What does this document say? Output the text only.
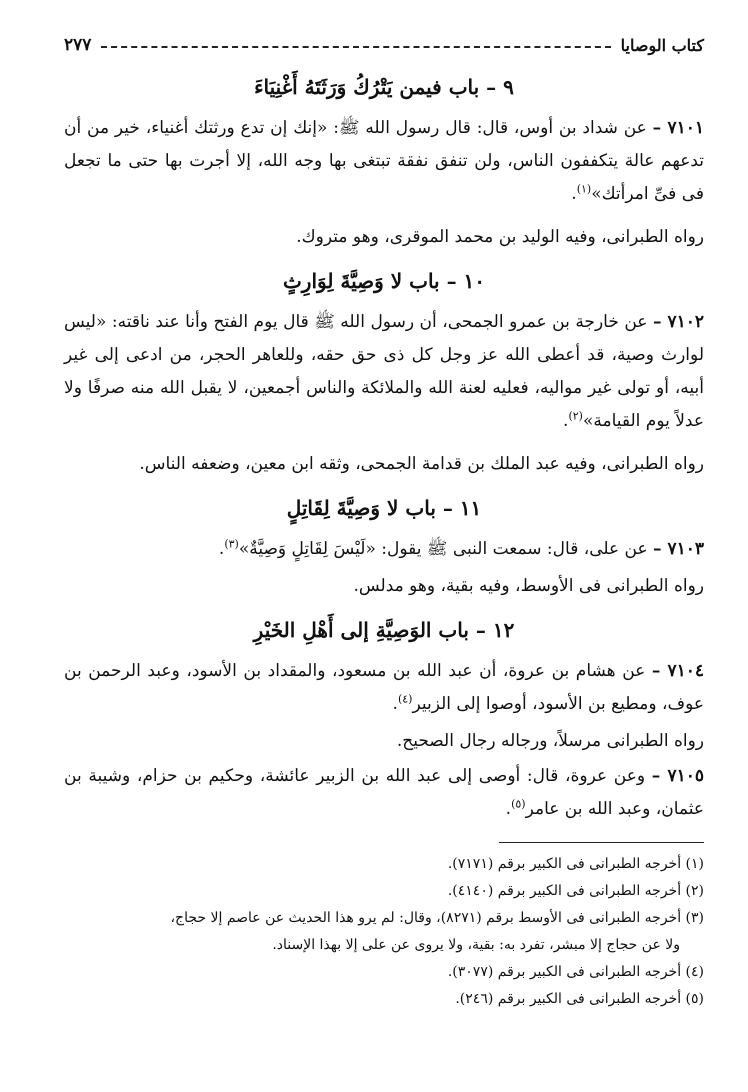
كتاب الوصايا
٢٧٧
٩ – باب فيمن يَتْرُكُ وَرَثَتَهُ أَغْنِيَاءَ

٧١٠١ – عن شداد بن أوس، قال: قال رسول الله ﷺ: «إنك إن تدع ورثتك أغنياء، خير من أن تدعهم عالة يتكففون الناس، ولن تنفق نفقة تبتغى بها وجه الله، إلا أجرت بها حتى ما تجعل فى فىِّ امرأتك»$^{(١)}$.

رواه الطبرانى، وفيه الوليد بن محمد الموقرى، وهو متروك.

١٠ – باب لا وَصِيَّةَ لِوَارِثٍ

٧١٠٢ – عن خارجة بن عمرو الجمحى، أن رسول الله ﷺ قال يوم الفتح وأنا عند ناقته: «ليس لوارث وصية، قد أعطى الله عز وجل كل ذى حق حقه، وللعاهر الحجر، من ادعى إلى غير أبيه، أو تولى غير مواليه، فعليه لعنة الله والملائكة والناس أجمعين، لا يقبل الله منه صرفًا ولا عدلاً يوم القيامة»$^{(٢)}$.

رواه الطبرانى، وفيه عبد الملك بن قدامة الجمحى، وثقه ابن معين، وضعفه الناس.

١١ – باب لا وَصِيَّةَ لِقَاتِلٍ

٧١٠٣ – عن على، قال: سمعت النبى ﷺ يقول: «لَيْسَ لِقَاتِلٍ وَصِيَّةٌ»$^{(٣)}$.

رواه الطبرانى فى الأوسط، وفيه بقية، وهو مدلس.

١٢ – باب الوَصِيَّةِ إلى أَهْلِ الخَيْرِ

٧١٠٤ – عن هشام بن عروة، أن عبد الله بن مسعود، والمقداد بن الأسود، وعبد الرحمن بن عوف، ومطيع بن الأسود، أوصوا إلى الزبير$^{(٤)}$.

رواه الطبرانى مرسلاً، ورجاله رجال الصحيح.

٧١٠٥ – وعن عروة، قال: أوصى إلى عبد الله بن الزبير عائشة، وحكيم بن حزام، وشيبة بن عثمان، وعبد الله بن عامر$^{(٥)}$.

(١) أخرجه الطبرانى فى الكبير برقم (٧١٧١).

(٢) أخرجه الطبرانى فى الكبير برقم (٤١٤٠).

(٣) أخرجه الطبرانى فى الأوسط برقم (٨٢٧١)، وقال: لم يرو هذا الحديث عن عاصم إلا حجاج،

ولا عن حجاج إلا مبشر، تفرد به: بقية، ولا يروى عن على إلا بهذا الإسناد.

(٤) أخرجه الطبرانى فى الكبير برقم (٣٠٧٧).

(٥) أخرجه الطبرانى فى الكبير برقم (٢٤٦).
